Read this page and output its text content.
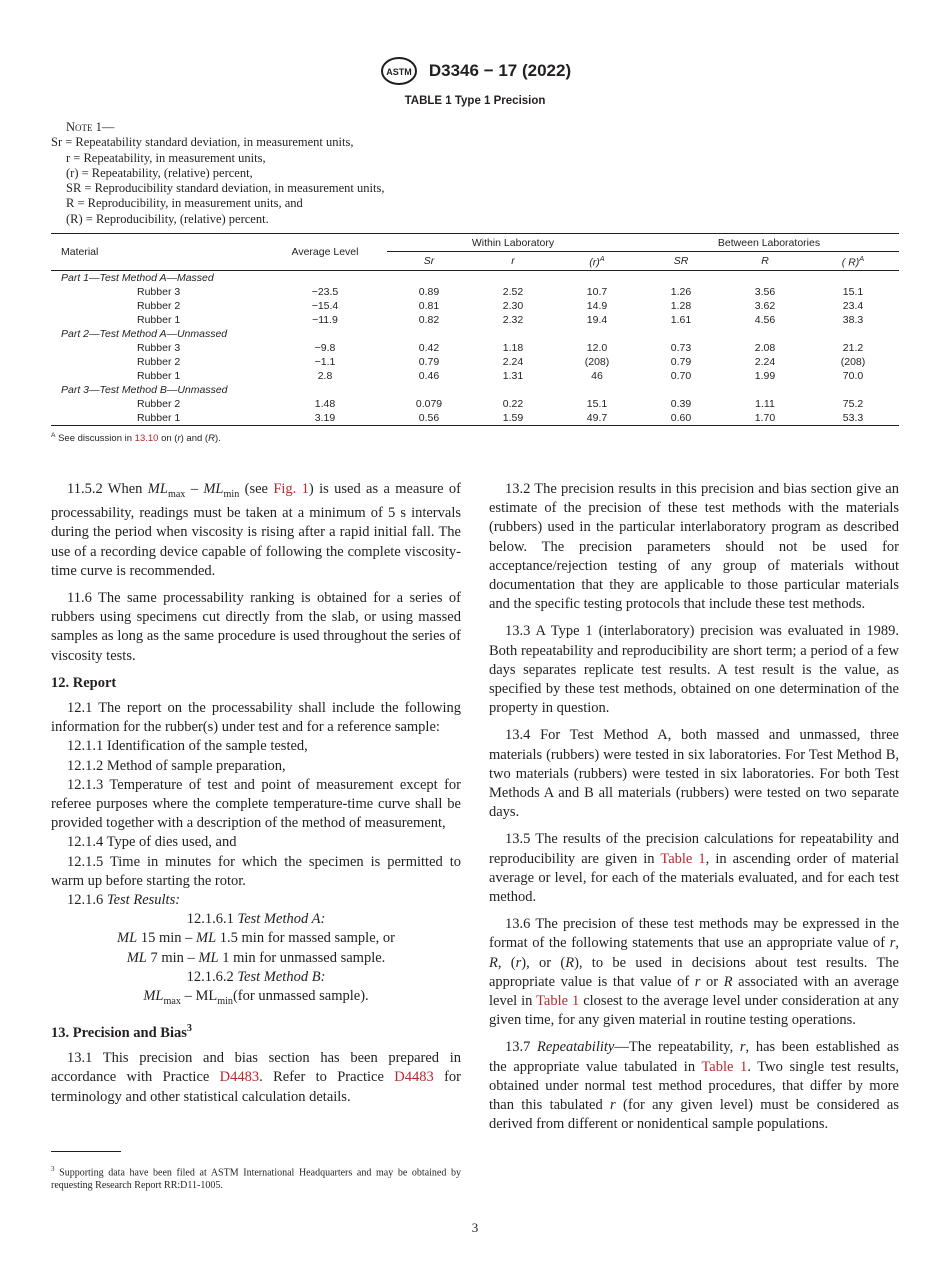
ASTM D3346 − 17 (2022)
TABLE 1 Type 1 Precision
Note 1—
Sr = Repeatability standard deviation, in measurement units,
r = Repeatability, in measurement units,
(r) = Repeatability, (relative) percent,
SR = Reproducibility standard deviation, in measurement units,
R = Reproducibility, in measurement units, and
(R) = Reproducibility, (relative) percent.
Material	Average Level	Within Laboratory			Between Laboratories		
		Sr	r	$(r)^A$	SR	R	( R)$^A$
Part 1—Test Method A—Massed							
Rubber 3	−23.5	0.89	2.52	10.7	1.26	3.56	15.1
Rubber 2	−15.4	0.81	2.30	14.9	1.28	3.62	23.4
Rubber 1	−11.9	0.82	2.32	19.4	1.61	4.56	38.3
Part 2—Test Method A—Unmassed							
Rubber 3	−9.8	0.42	1.18	12.0	0.73	2.08	21.2
Rubber 2	−1.1	0.79	2.24	(208)	0.79	2.24	(208)
Rubber 1	2.8	0.46	1.31	46	0.70	1.99	70.0
Part 3—Test Method B—Unmassed							
Rubber 2	1.48	0.079	0.22	15.1	0.39	1.11	75.2
Rubber 1	3.19	0.56	1.59	49.7	0.60	1.70	53.3
$^A$ See discussion in 13.10 on (r) and (R).

11.5.2 When $ML_{max} - ML_{min}$ (see Fig. 1) is used as a measure of processability, readings must be taken at a minimum of 5 s intervals during the period when viscosity is rising after a rapid initial fall. The use of a recording device capable of following the complete viscosity-time curve is recommended.

11.6 The same processability ranking is obtained for a series of rubbers using specimens cut directly from the slab, or using massed samples as long as the same procedure is used throughout the series of viscosity tests.

12. Report

12.1 The report on the processability shall include the following information for the rubber(s) under test and for a reference sample:

12.1.1 Identification of the sample tested,

12.1.2 Method of sample preparation,

12.1.3 Temperature of test and point of measurement except for referee purposes where the complete temperature-time curve shall be provided together with a description of the method of measurement,

12.1.4 Type of dies used, and

12.1.5 Time in minutes for which the specimen is permitted to warm up before starting the rotor.

12.1.6 Test Results:

12.1.6.1 Test Method A:

ML 15 min – ML 1.5 min for massed sample, or

ML 7 min – ML 1 min for unmassed sample.

12.1.6.2 Test Method B:

$ML_{max} - ML_{min}(for$ unmassed sample).

13. Precision and Bias$^3$

13.1 This precision and bias section has been prepared in accordance with Practice D4483. Refer to Practice D4483 for terminology and other statistical calculation details.

$^3$ Supporting data have been filed at ASTM International Headquarters and may be obtained by requesting Research Report RR:D11-1005.

13.2 The precision results in this precision and bias section give an estimate of the precision of these test methods with the materials (rubbers) used in the particular interlaboratory program as described below. The precision parameters should not be used for acceptance/rejection testing of any group of materials without documentation that they are applicable to those particular materials and the specific testing protocols that include these test methods.

13.3 A Type 1 (interlaboratory) precision was evaluated in 1989. Both repeatability and reproducibility are short term; a period of a few days separates replicate test results. A test result is the value, as specified by these test methods, obtained on one determination of the property in question.

13.4 For Test Method A, both massed and unmassed, three materials (rubbers) were tested in six laboratories. For Test Method B, two materials (rubbers) were tested in six laboratories. For both Test Methods A and B all materials (rubbers) were tested on two separate days.

13.5 The results of the precision calculations for repeatability and reproducibility are given in Table 1, in ascending order of material average or level, for each of the materials evaluated, and for each test method.

13.6 The precision of these test methods may be expressed in the format of the following statements that use an appropriate value of r, R, (r), or (R), to be used in decisions about test results. The appropriate value is that value of r or R associated with an average level in Table 1 closest to the average level under consideration at any given time, for any given material in routine testing operations.

13.7 Repeatability—The repeatability, r, has been established as the appropriate value tabulated in Table 1. Two single test results, obtained under normal test method procedures, that differ by more than this tabulated r (for any given level) must be considered as derived from different or nonidentical sample populations.

3
